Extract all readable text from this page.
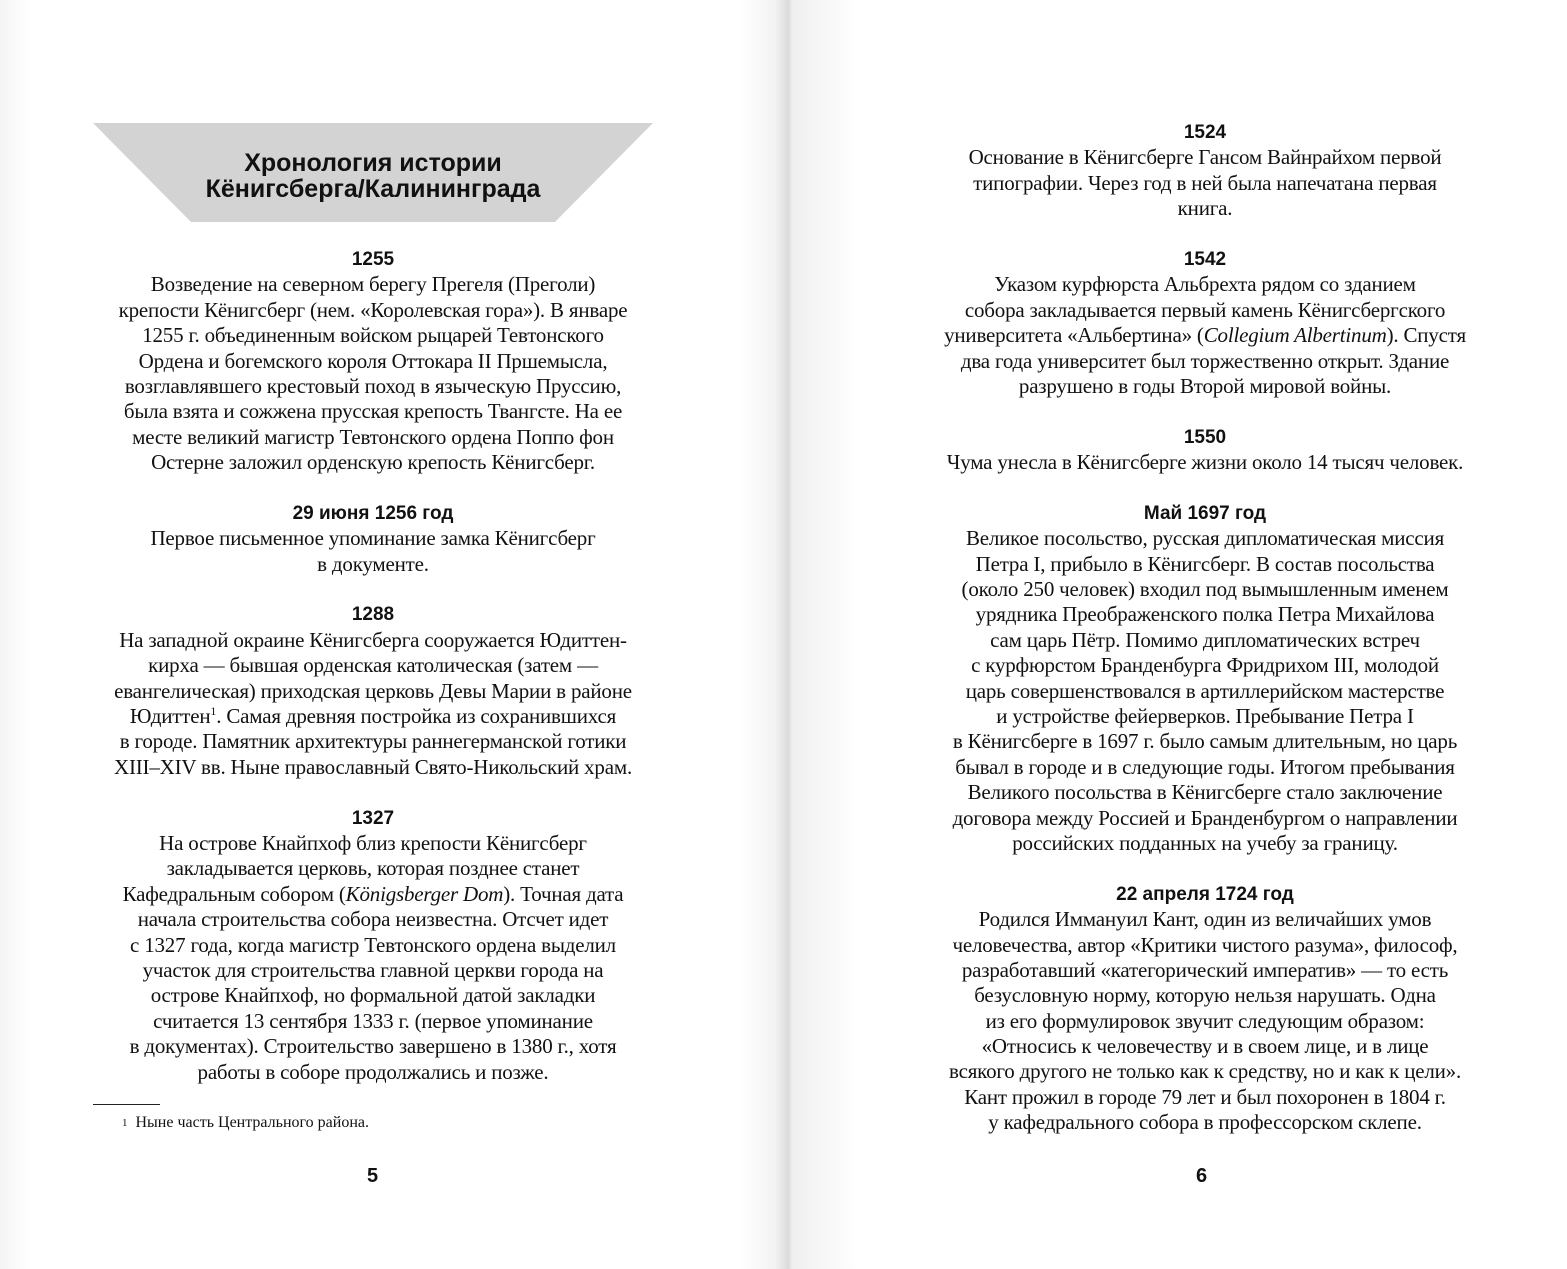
Хронология истории
Кёнигсберга/Калининграда
1255
Возведение на северном берегу Прегеля (Преголи)
крепости Кёнигсберг (нем. «Королевская гора»). В январе
1255 г. объединенным войском рыцарей Тевтонского
Ордена и богемского короля Оттокара II Пршемысла,
возглавлявшего крестовый поход в языческую Пруссию,
была взята и сожжена прусская крепость Твангсте. На ее
месте великий магистр Тевтонского ордена Поппо фон
Остерне заложил орденскую крепость Кёнигсберг.
29 июня 1256 год
Первое письменное упоминание замка Кёнигсберг
в документе.
1288
На западной окраине Кёнигсберга сооружается Юдиттен-
кирха — бывшая орденская католическая (затем —
евангелическая) приходская церковь Девы Марии в районе
Юдиттен$^1$. Самая древняя постройка из сохранившихся
в городе. Памятник архитектуры раннегерманской готики
XIII–XIV вв. Ныне православный Свято-Никольский храм.
1327
На острове Кнайпхоф близ крепости Кёнигсберг
закладывается церковь, которая позднее станет
Кафедральным собором (Königsberger Dom). Точная дата
начала строительства собора неизвестна. Отсчет идет
с 1327 года, когда магистр Тевтонского ордена выделил
участок для строительства главной церкви города на
острове Кнайпхоф, но формальной датой закладки
считается 13 сентября 1333 г. (первое упоминание
в документах). Строительство завершено в 1380 г., хотя
работы в соборе продолжались и позже.
$^1$ Ныне часть Центрального района.
5
1524
Основание в Кёнигсберге Гансом Вайнрайхом первой
типографии. Через год в ней была напечатана первая
книга.
1542
Указом курфюрста Альбрехта рядом со зданием
собора закладывается первый камень Кёнигсбергского
университета «Альбертина» (Collegium Albertinum). Спустя
два года университет был торжественно открыт. Здание
разрушено в годы Второй мировой войны.
1550
Чума унесла в Кёнигсберге жизни около 14 тысяч человек.
Май 1697 год
Великое посольство, русская дипломатическая миссия
Петра I, прибыло в Кёнигсберг. В состав посольства
(около 250 человек) входил под вымышленным именем
урядника Преображенского полка Петра Михайлова
сам царь Пётр. Помимо дипломатических встреч
с курфюрстом Бранденбурга Фридрихом III, молодой
царь совершенствовался в артиллерийском мастерстве
и устройстве фейерверков. Пребывание Петра I
в Кёнигсберге в 1697 г. было самым длительным, но царь
бывал в городе и в следующие годы. Итогом пребывания
Великого посольства в Кёнигсберге стало заключение
договора между Россией и Бранденбургом о направлении
российских подданных на учебу за границу.
22 апреля 1724 год
Родился Иммануил Кант, один из величайших умов
человечества, автор «Критики чистого разума», философ,
разработавший «категорический императив» — то есть
безусловную норму, которую нельзя нарушать. Одна
из его формулировок звучит следующим образом:
«Относись к человечеству и в своем лице, и в лице
всякого другого не только как к средству, но и как к цели».
Кант прожил в городе 79 лет и был похоронен в 1804 г.
у кафедрального собора в профессорском склепе.
6
